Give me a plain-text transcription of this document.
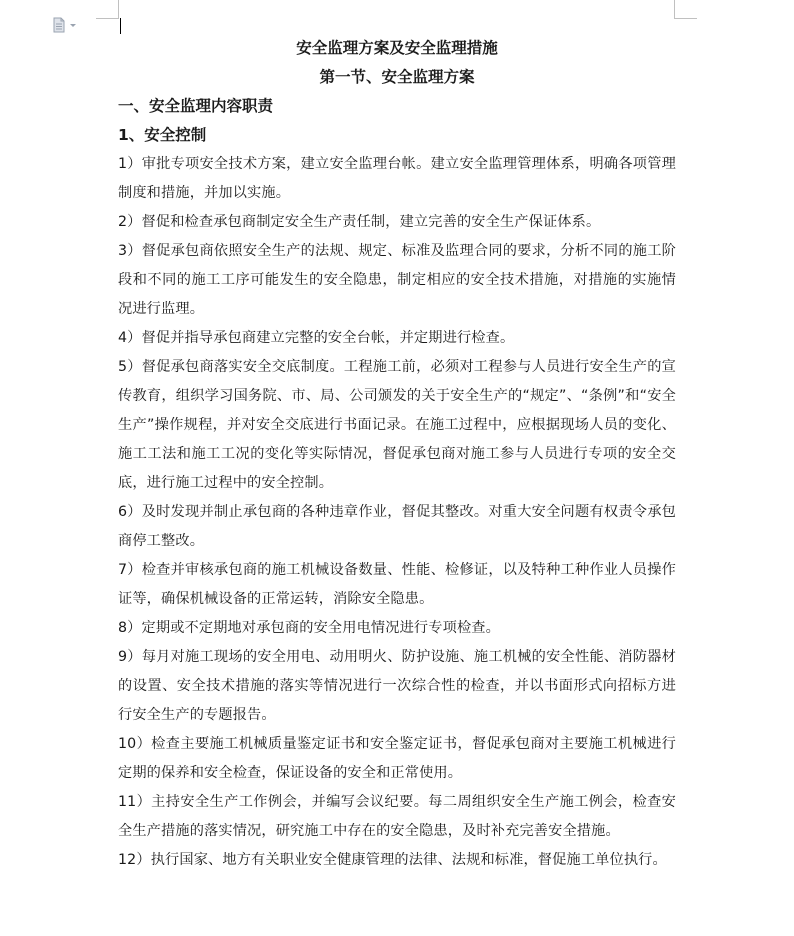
安全监理方案及安全监理措施

第一节、安全监理方案

一、安全监理内容职责

1、安全控制

1）审批专项安全技术方案，建立安全监理台帐。建立安全监理管理体系，明确各项管理制度和措施，并加以实施。

2）督促和检查承包商制定安全生产责任制，建立完善的安全生产保证体系。

3）督促承包商依照安全生产的法规、规定、标准及监理合同的要求，分析不同的施工阶段和不同的施工工序可能发生的安全隐患，制定相应的安全技术措施，对措施的实施情况进行监理。

4）督促并指导承包商建立完整的安全台帐，并定期进行检查。

5）督促承包商落实安全交底制度。工程施工前，必须对工程参与人员进行安全生产的宣传教育，组织学习国务院、市、局、公司颁发的关于安全生产的“规定”、“条例”和“安全生产”操作规程，并对安全交底进行书面记录。在施工过程中，应根据现场人员的变化、施工工法和施工工况的变化等实际情况，督促承包商对施工参与人员进行专项的安全交底，进行施工过程中的安全控制。

6）及时发现并制止承包商的各种违章作业，督促其整改。对重大安全问题有权责令承包商停工整改。

7）检查并审核承包商的施工机械设备数量、性能、检修证，以及特种工种作业人员操作证等，确保机械设备的正常运转，消除安全隐患。

8）定期或不定期地对承包商的安全用电情况进行专项检查。

9）每月对施工现场的安全用电、动用明火、防护设施、施工机械的安全性能、消防器材的设置、安全技术措施的落实等情况进行一次综合性的检查，并以书面形式向招标方进行安全生产的专题报告。

10）检查主要施工机械质量鉴定证书和安全鉴定证书，督促承包商对主要施工机械进行定期的保养和安全检查，保证设备的安全和正常使用。

11）主持安全生产工作例会，并编写会议纪要。每二周组织安全生产施工例会，检查安全生产措施的落实情况，研究施工中存在的安全隐患，及时补充完善安全措施。

12）执行国家、地方有关职业安全健康管理的法律、法规和标准，督促施工单位执行。
